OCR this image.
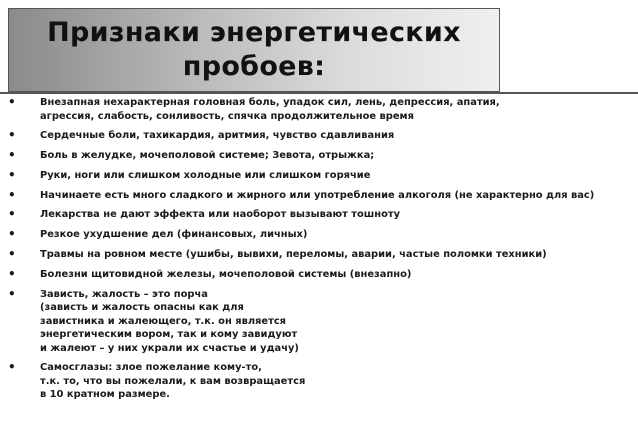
Признаки энергетических
пробоев:
• Внезапная нехарактерная головная боль, упадок сил, лень, депрессия, апатия,
агрессия, слабость, сонливость, спячка продолжительное время
• Сердечные боли, тахикардия, аритмия, чувство сдавливания
• Боль в желудке, мочеполовой системе; Зевота, отрыжка;
• Руки, ноги или слишком холодные или слишком горячие
• Начинаете есть много сладкого и жирного или употребление алкоголя (не характерно для вас)
• Лекарства не дают эффекта или наоборот вызывают тошноту
• Резкое ухудшение дел (финансовых, личных)
• Травмы на ровном месте (ушибы, вывихи, переломы, аварии, частые поломки техники)
• Болезни щитовидной железы, мочеполовой системы (внезапно)
• Зависть, жалость – это порча
(зависть и жалость опасны как для
завистника и жалеющего, т.к. он является
энергетическим вором, так и кому завидуют
и жалеют – у них украли их счастье и удачу)
• Самосглазы: злое пожелание кому-то,
т.к. то, что вы пожелали, к вам возвращается
в 10 кратном размере.
